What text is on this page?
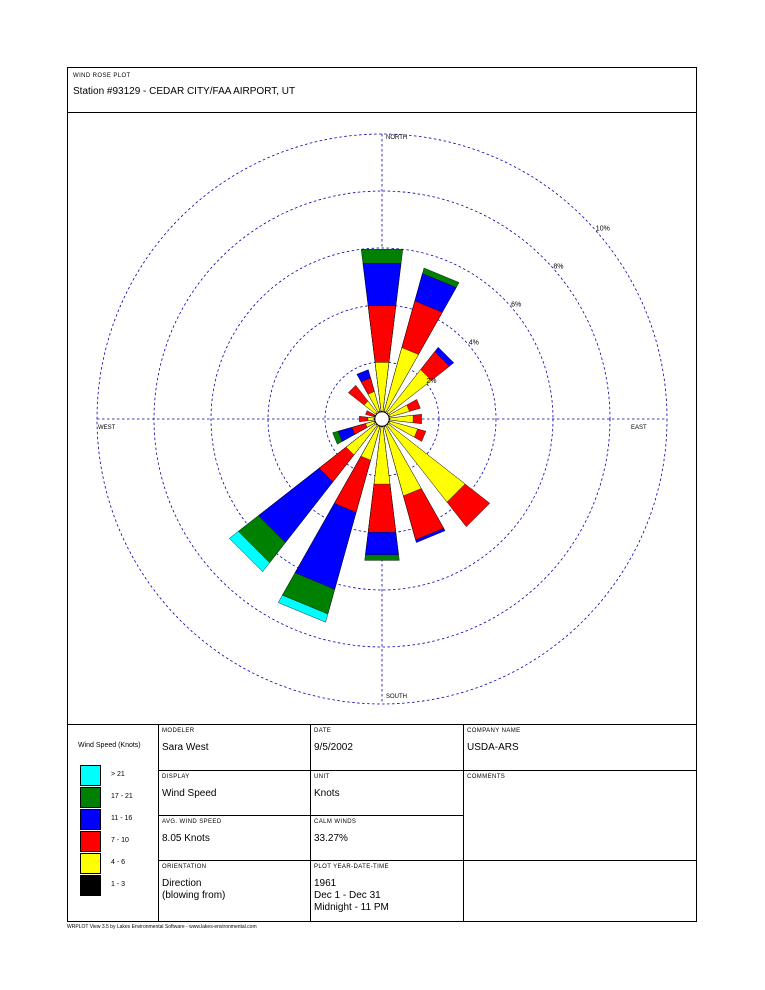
WIND ROSE PLOT
Station #93129 - CEDAR CITY/FAA AIRPORT, UT
NORTH
SOUTH
EAST
WEST
2%
4%
6%
8%
10%
Wind Speed (Knots)
> 21
17 - 21
11 - 16
7 - 10
4 - 6
1 - 3
MODELER
Sara West
DATE
9/5/2002
COMPANY NAME
USDA-ARS
DISPLAY
Wind Speed
UNIT
Knots
COMMENTS
AVG. WIND SPEED
8.05 Knots
CALM WINDS
33.27%
ORIENTATION
Direction
(blowing from)
PLOT YEAR-DATE-TIME
1961
Dec 1 - Dec 31
Midnight - 11 PM
WRPLOT View 3.5 by Lakes Environmental Software - www.lakes-environmental.com
